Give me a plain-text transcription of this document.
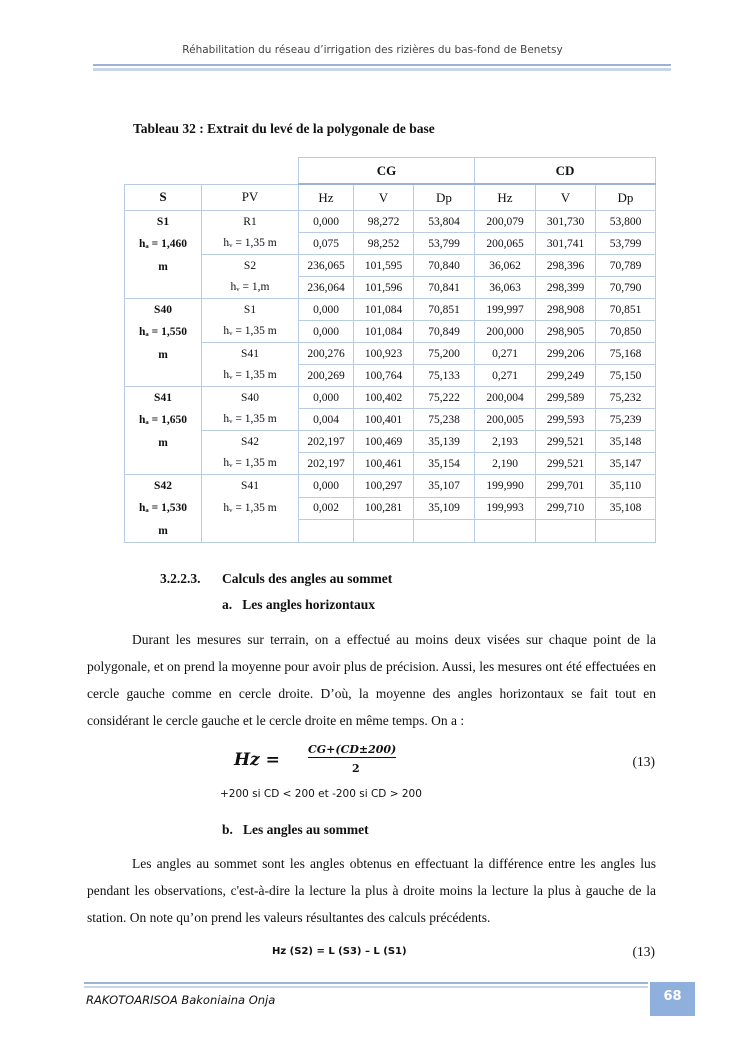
Réhabilitation du réseau d’irrigation des rizières du bas-fond de Benetsy
Tableau 32 : Extrait du levé de la polygonale de base
		CG			CD		
S	PV	Hz	V	Dp	Hz	V	Dp

S1
hₐ = 1,460
m	R1	0,000	98,272	53,804	200,079	301,730	53,800
	hᵥ = 1,35 m	0,075	98,252	53,799	200,065	301,741	53,799
	S2	236,065	101,595	70,840	36,062	298,396	70,789
	hᵥ = 1,m	236,064	101,596	70,841	36,063	298,399	70,790

S40
hₐ = 1,550
m	S1	0,000	101,084	70,851	199,997	298,908	70,851
	hᵥ = 1,35 m	0,000	101,084	70,849	200,000	298,905	70,850
	S41	200,276	100,923	75,200	0,271	299,206	75,168
	hᵥ = 1,35 m	200,269	100,764	75,133	0,271	299,249	75,150

S41
hₐ = 1,650
m	S40	0,000	100,402	75,222	200,004	299,589	75,232
	hᵥ = 1,35 m	0,004	100,401	75,238	200,005	299,593	75,239
	S42	202,197	100,469	35,139	2,193	299,521	35,148
	hᵥ = 1,35 m	202,197	100,461	35,154	2,190	299,521	35,147

S42
hₐ = 1,530
m	S41	0,000	100,297	35,107	199,990	299,701	35,110
	hᵥ = 1,35 m	0,002	100,281	35,109	199,993	299,710	35,108

3.2.2.3. Calculs des angles au sommet
a.   Les angles horizontaux
Durant les mesures sur terrain, on a effectué au moins deux visées sur chaque point de la polygonale, et on prend la moyenne pour avoir plus de précision. Aussi, les mesures ont été effectuées en cercle gauche comme en cercle droite. D’où, la moyenne des angles horizontaux se fait tout en considérant le cercle gauche et le cercle droite en même temps. On a :
Hz =
CG+(CD±200)
2	(13)
+200 si CD < 200 et -200 si CD > 200
b.   Les angles au sommet
Les angles au sommet sont les angles obtenus en effectuant la différence entre les angles lus pendant les observations, c'est-à-dire la lecture la plus à droite moins la lecture la plus à gauche de la station. On note qu’on prend les valeurs résultantes des calculs précédents.
Hz (S2) = L (S3) – L (S1)	(13)
RAKOTOARISOA Bakoniaina Onja	68
